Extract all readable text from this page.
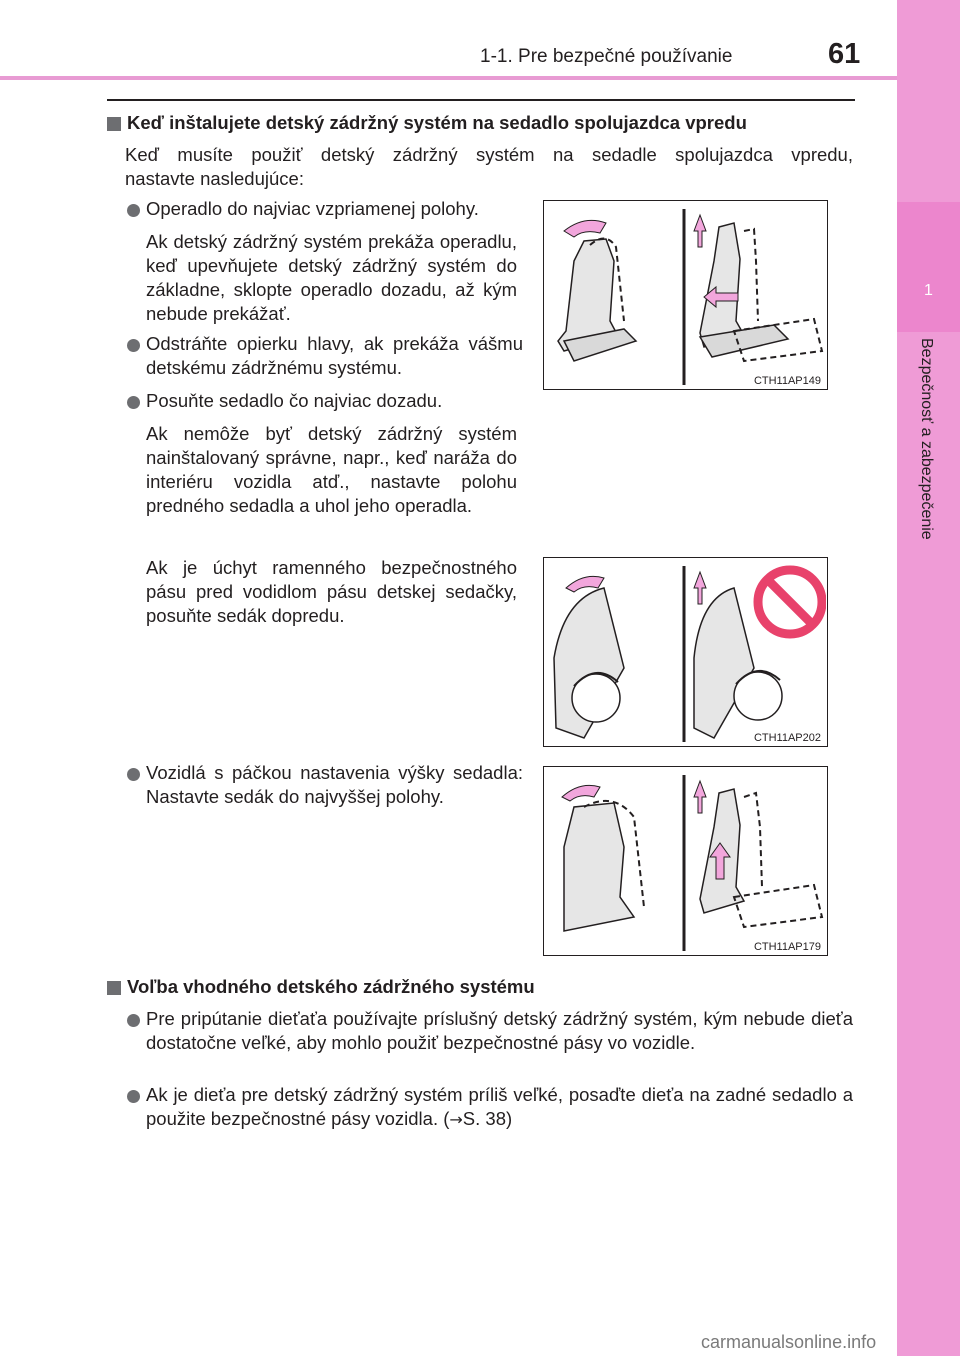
1-1. Pre bezpečné používanie	61
1
Bezpečnosť a zabezpečenie
Keď inštalujete detský zádržný systém na sedadlo spolujazdca vpredu
Keď musíte použiť detský zádržný systém na sedadle spolujazdca vpredu,
nastavte nasledujúce:
Operadlo do najviac vzpriamenej polohy.
Ak detský zádržný systém prekáža operadlu, keď upevňujete detský zádržný systém do základne, sklopte operadlo dozadu, až kým nebude prekážať.
Odstráňte opierku hlavy, ak prekáža vášmu detskému zádržnému systému.
Posuňte sedadlo čo najviac dozadu.
Ak nemôže byť detský zádržný systém nainštalovaný správne, napr., keď naráža do interiéru vozidla atď., nastavte polohu predného sedadla a uhol jeho operadla.
Ak je úchyt ramenného bezpečnostného pásu pred vodidlom pásu detskej sedačky, posuňte sedák dopredu.
Vozidlá s páčkou nastavenia výšky sedadla: Nastavte sedák do najvyššej polohy.
CTH11AP149
CTH11AP202
CTH11AP179
Voľba vhodného detského zádržného systému
Pre pripútanie dieťaťa používajte príslušný detský zádržný systém, kým nebude dieťa dostatočne veľké, aby mohlo použiť bezpečnostné pásy vo vozidle.
Ak je dieťa pre detský zádržný systém príliš veľké, posaďte dieťa na zadné sedadlo a použite bezpečnostné pásy vozidla. (→S. 38)
carmanualsonline.info
